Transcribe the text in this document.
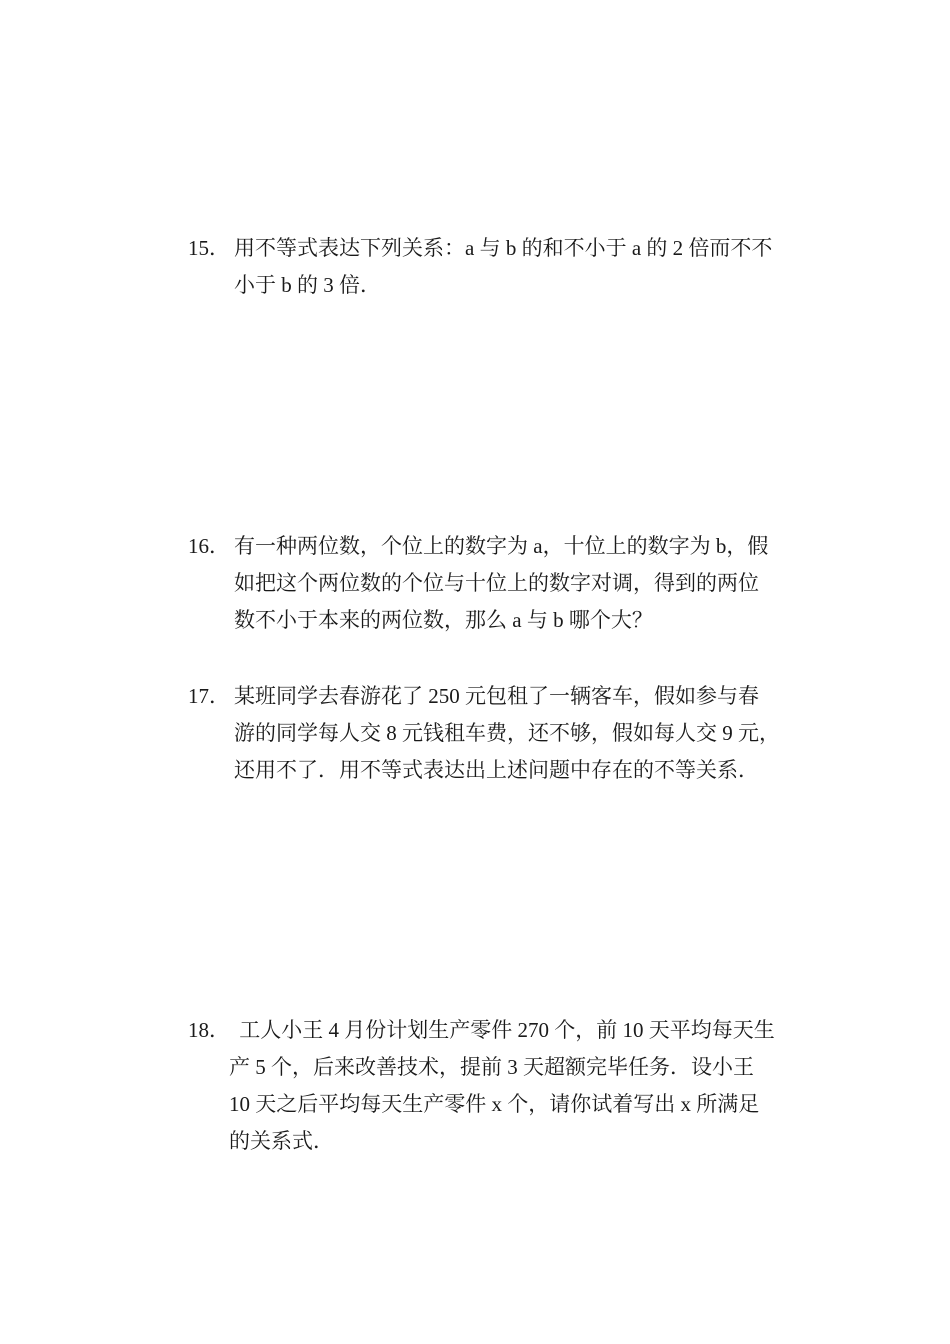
15． 用不等式表达下列关系：a 与 b 的和不小于 a 的 2 倍而不不
小于 b 的 3 倍．
16． 有一种两位数，个位上的数字为 a，十位上的数字为 b，假
如把这个两位数的个位与十位上的数字对调，得到的两位
数不小于本来的两位数，那么 a 与 b 哪个大？
17． 某班同学去春游花了 250 元包租了一辆客车，假如参与春
游的同学每人交 8 元钱租车费，还不够，假如每人交 9 元，
还用不了．用不等式表达出上述问题中存在的不等关系．
18． 工人小王 4 月份计划生产零件 270 个，前 10 天平均每天生
产 5 个，后来改善技术，提前 3 天超额完毕任务．设小王
10 天之后平均每天生产零件 x 个，请你试着写出 x 所满足
的关系式．
